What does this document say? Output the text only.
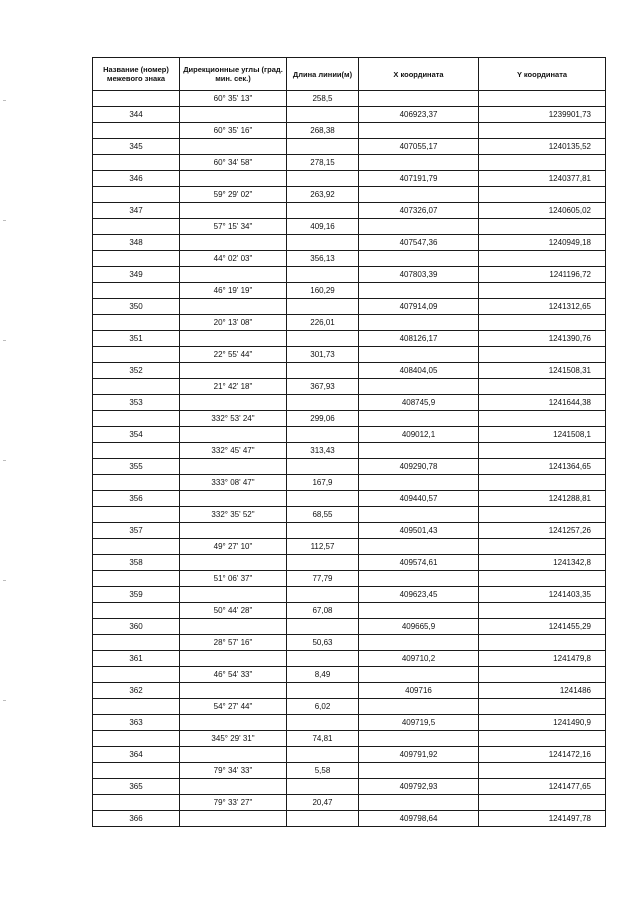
Название (номер) межевого знака	Дирекционные углы (град. мин. сек.)	Длина линии(м)	X координата	Y координата
	60° 35' 13"	258,5		
344			406923,37	1239901,73
	60° 35' 16"	268,38		
345			407055,17	1240135,52
	60° 34' 58"	278,15		
346			407191,79	1240377,81
	59° 29' 02"	263,92		
347			407326,07	1240605,02
	57° 15' 34"	409,16		
348			407547,36	1240949,18
	44° 02' 03"	356,13		
349			407803,39	1241196,72
	46° 19' 19"	160,29		
350			407914,09	1241312,65
	20° 13' 08"	226,01		
351			408126,17	1241390,76
	22° 55' 44"	301,73		
352			408404,05	1241508,31
	21° 42' 18"	367,93		
353			408745,9	1241644,38
	332° 53' 24"	299,06		
354			409012,1	1241508,1
	332° 45' 47"	313,43		
355			409290,78	1241364,65
	333° 08' 47"	167,9		
356			409440,57	1241288,81
	332° 35' 52"	68,55		
357			409501,43	1241257,26
	49° 27' 10"	112,57		
358			409574,61	1241342,8
	51° 06' 37"	77,79		
359			409623,45	1241403,35
	50° 44' 28"	67,08		
360			409665,9	1241455,29
	28° 57' 16"	50,63		
361			409710,2	1241479,8
	46° 54' 33"	8,49		
362			409716	1241486
	54° 27' 44"	6,02		
363			409719,5	1241490,9
	345° 29' 31"	74,81		
364			409791,92	1241472,16
	79° 34' 33"	5,58		
365			409792,93	1241477,65
	79° 33' 27"	20,47		
366			409798,64	1241497,78
